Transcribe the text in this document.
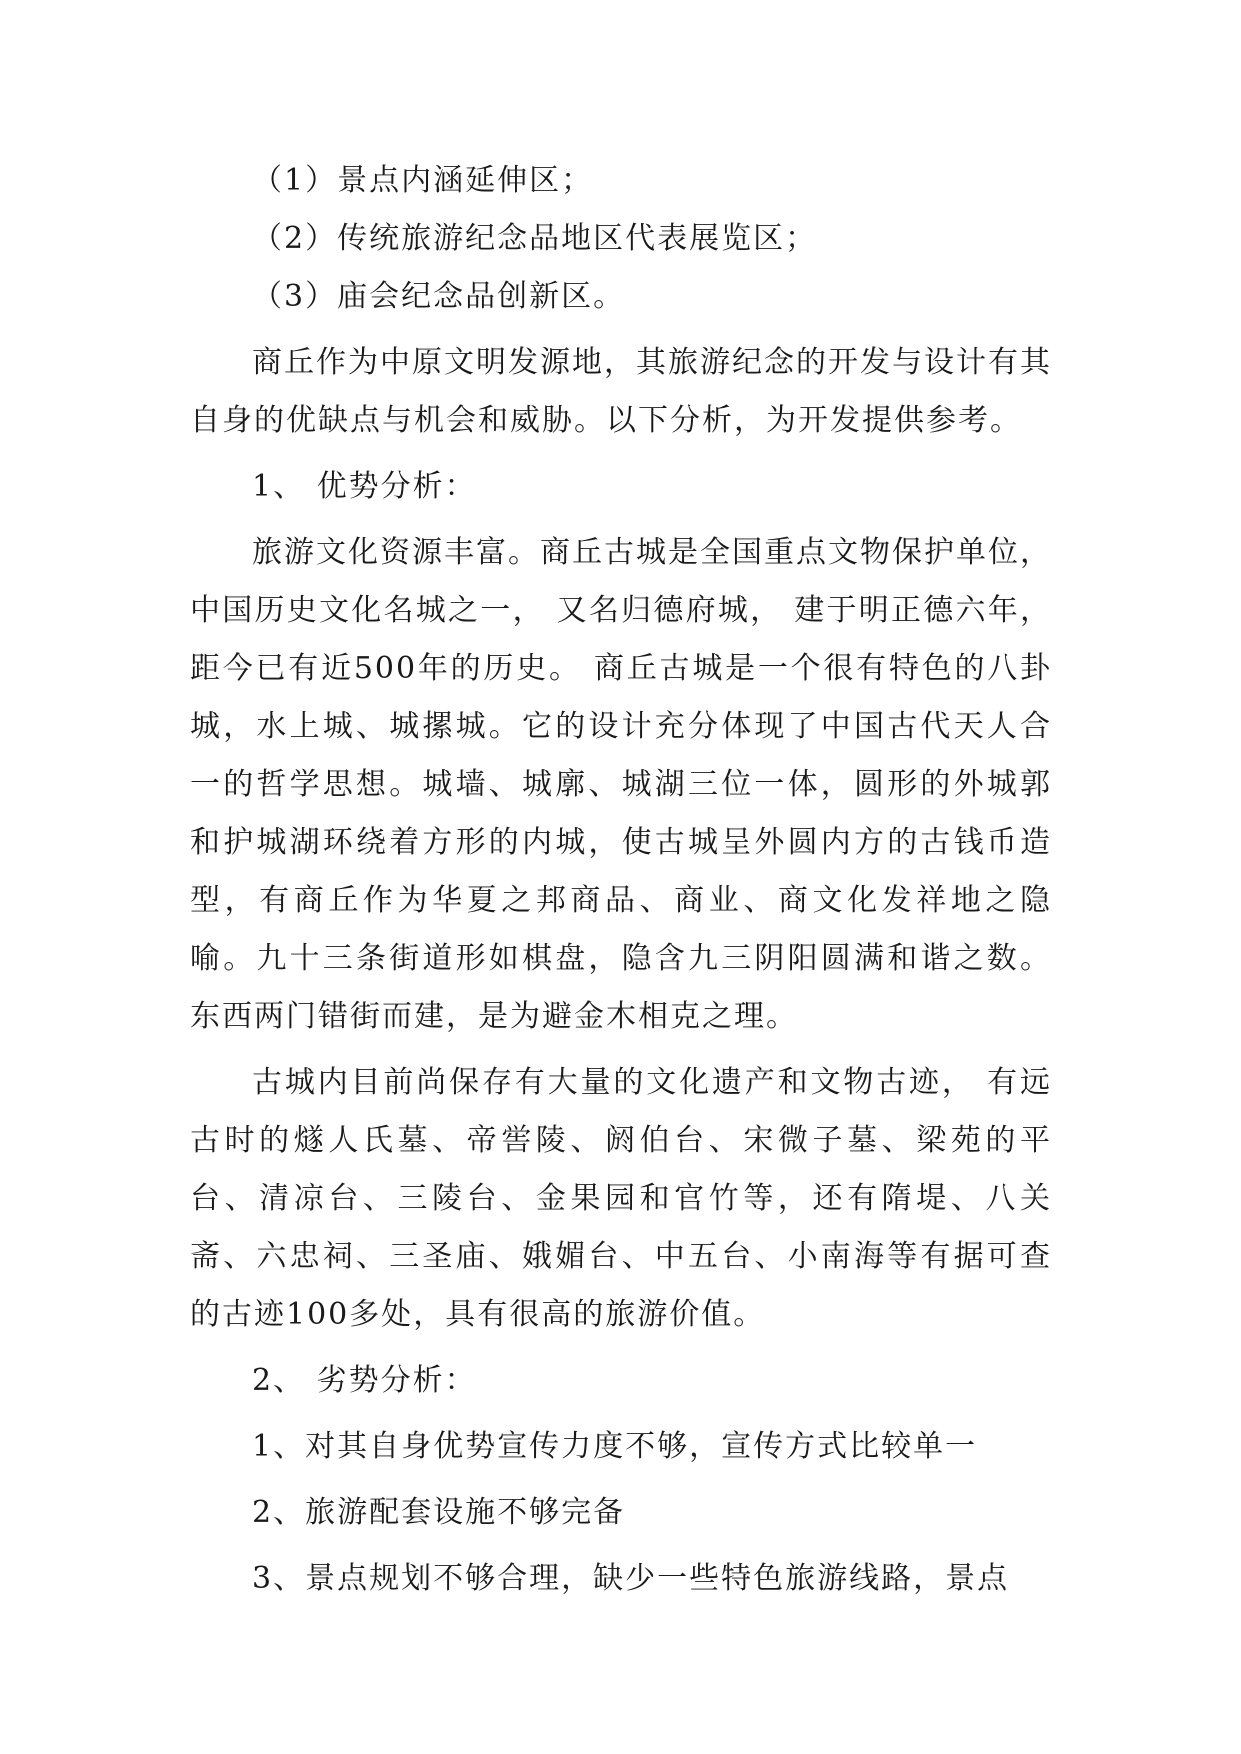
（1）景点内涵延伸区；

（2）传统旅游纪念品地区代表展览区；

（3）庙会纪念品创新区。

商丘作为中原文明发源地，其旅游纪念的开发与设计有其自身的优缺点与机会和威胁。以下分析，为开发提供参考。

1、 优势分析：

旅游文化资源丰富。商丘古城是全国重点文物保护单位，中国历史文化名城之一， 又名归德府城， 建于明正德六年，距今已有近500年的历史。 商丘古城是一个很有特色的八卦城，水上城、城摞城。它的设计充分体现了中国古代天人合一的哲学思想。城墙、城廓、城湖三位一体，圆形的外城郭和护城湖环绕着方形的内城，使古城呈外圆内方的古钱币造型，有商丘作为华夏之邦商品、商业、商文化发祥地之隐喻。九十三条街道形如棋盘，隐含九三阴阳圆满和谐之数。东西两门错街而建，是为避金木相克之理。

古城内目前尚保存有大量的文化遗产和文物古迹， 有远古时的燧人氏墓、帝喾陵、阏伯台、宋微子墓、梁苑的平台、清凉台、三陵台、金果园和官竹等，还有隋堤、八关斋、六忠祠、三圣庙、娥媚台、中五台、小南海等有据可查的古迹100多处，具有很高的旅游价值。

2、 劣势分析：

1、对其自身优势宣传力度不够，宣传方式比较单一

2、旅游配套设施不够完备

3、景点规划不够合理，缺少一些特色旅游线路，景点
